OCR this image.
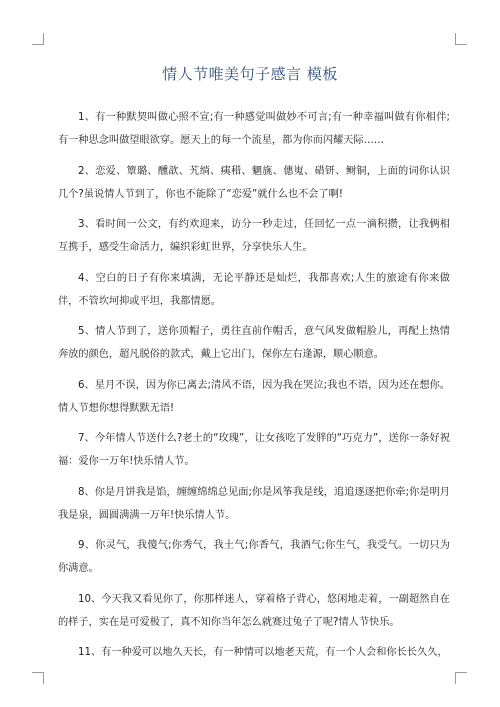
情人节唯美句子感言 模板

1、有一种默契叫做心照不宣;有一种感觉叫做妙不可言;有一种幸福叫做有你相伴;有一种思念叫做望眼欲穿。愿天上的每一个流星，都为你而闪耀天际……

2、恋爱、簟璐、醺歆、艽绱、痍稓、魍旐、僡嵬、碏钘、鲥铜，上面的词你认识几个?虽说情人节到了，你也不能除了“恋爱”就什么也不会了啊!

3、看时间一公文，有约欢迎来，访分一秒走过，任回忆一点一滴积攒，让我俩相互携手，感受生命活力，编织彩虹世界，分享快乐人生。

4、空白的日子有你来填满，无论平静还是灿烂，我都喜欢;人生的旅途有你来做伴，不管坎坷抑或平坦，我都情愿。

5、情人节到了，送你顶帽子，勇往直前作帽舌，意气风发做帽脸儿，再配上热情奔放的颜色，超凡脱俗的款式，戴上它出门，保你左右逢源，顺心顺意。

6、星月不误，因为你已离去;清风不语，因为我在哭泣;我也不语，因为还在想你。情人节想你想得默默无语!

7、今年情人节送什么?老土的“玫瑰”，让女孩吃了发胖的“巧克力”，送你一条好祝福：爱你一万年!快乐情人节。

8、你是月饼我是馅，缠缠绵绵总见面;你是风筝我是线，追追逐逐把你牵;你是明月我是泉，圆圆满满一万年!快乐情人节。

9、你灵气，我傻气;你秀气，我土气;你香气，我酒气;你生气，我受气。一切只为你满意。

10、今天我又看见你了，你那样迷人，穿着格子背心，悠闲地走着，一副超然自在的样子，实在是可爱极了，真不知你当年怎么就赛过兔子了呢?情人节快乐。

11、有一种爱可以地久天长，有一种情可以地老天荒，有一个人会和你长长久久，
